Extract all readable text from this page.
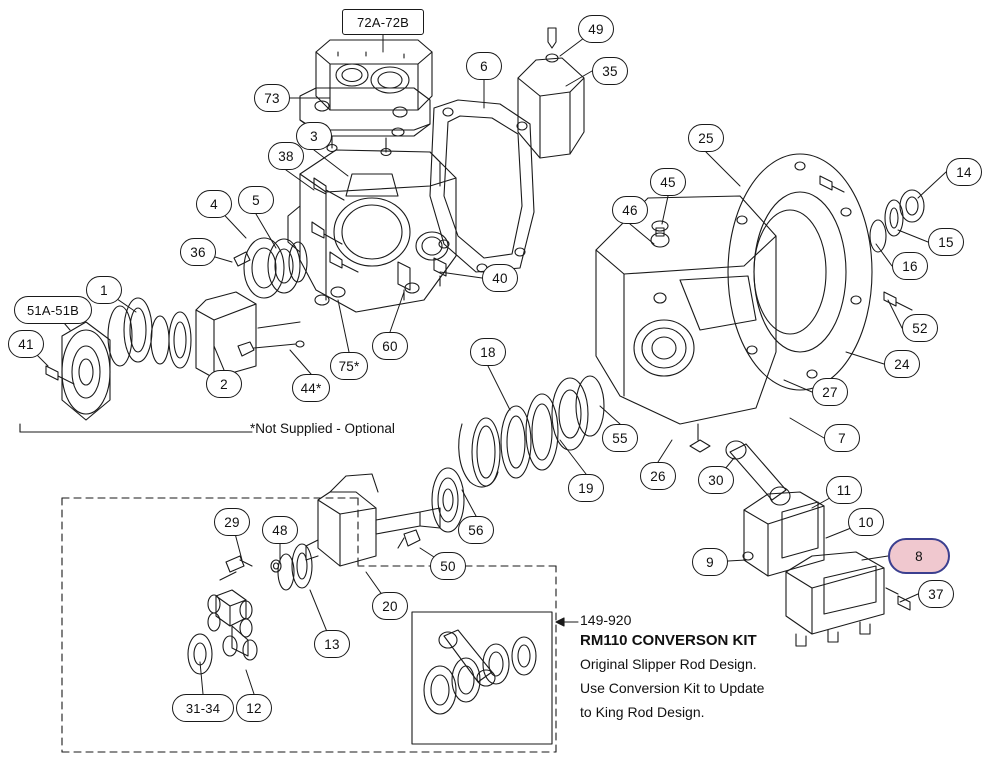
72A-72B	49
6	35
73
3	25
38
14
45
4	5
46
15
36
16
40
1
51A-51B
52
41	60
24
18
75*
2	44*	27
55	7
19
26	30
11
56
10
29
48
8
9
50
20
37
13
31-34	12
*Not Supplied - Optional
149-920
RM110 CONVERSON KIT
Original Slipper Rod Design.
Use Conversion Kit to Update
to King Rod Design.
